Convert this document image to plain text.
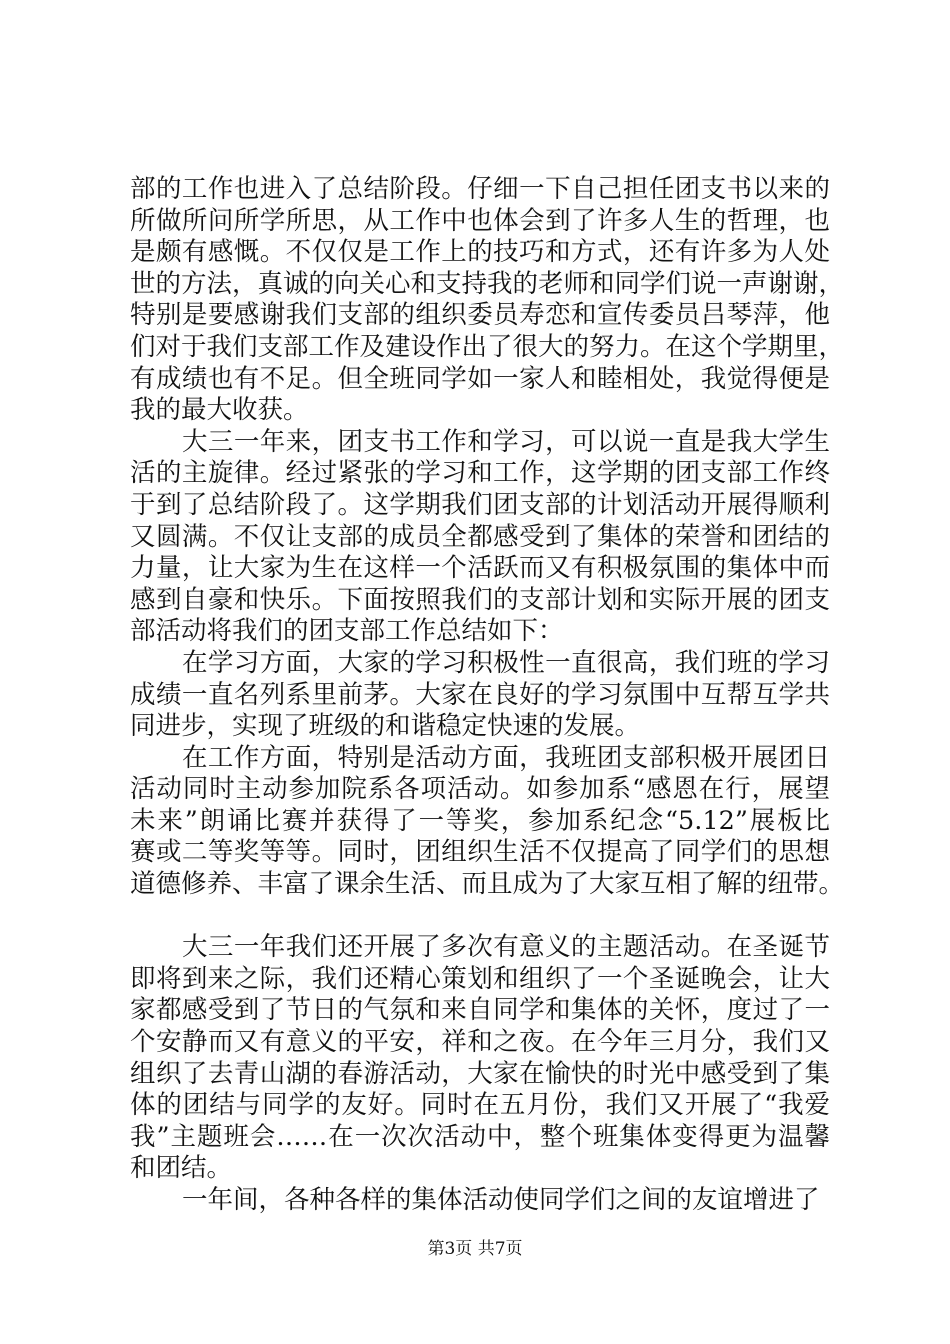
部的工作也进入了总结阶段。仔细一下自己担任团支书以来的
所做所问所学所思，从工作中也体会到了许多人生的哲理，也
是颇有感慨。不仅仅是工作上的技巧和方式，还有许多为人处
世的方法，真诚的向关心和支持我的老师和同学们说一声谢谢，
特别是要感谢我们支部的组织委员寿恋和宣传委员吕琴萍，他
们对于我们支部工作及建设作出了很大的努力。在这个学期里，
有成绩也有不足。但全班同学如一家人和睦相处，我觉得便是
我的最大收获。
大三一年来，团支书工作和学习，可以说一直是我大学生
活的主旋律。经过紧张的学习和工作，这学期的团支部工作终
于到了总结阶段了。这学期我们团支部的计划活动开展得顺利
又圆满。不仅让支部的成员全都感受到了集体的荣誉和团结的
力量，让大家为生在这样一个活跃而又有积极氛围的集体中而
感到自豪和快乐。下面按照我们的支部计划和实际开展的团支
部活动将我们的团支部工作总结如下：
在学习方面，大家的学习积极性一直很高，我们班的学习
成绩一直名列系里前茅。大家在良好的学习氛围中互帮互学共
同进步，实现了班级的和谐稳定快速的发展。
在工作方面，特别是活动方面，我班团支部积极开展团日
活动同时主动参加院系各项活动。如参加系“感恩在行，展望
未来”朗诵比赛并获得了一等奖，参加系纪念“5.12”展板比
赛或二等奖等等。同时，团组织生活不仅提高了同学们的思想
道德修养、丰富了课余生活、而且成为了大家互相了解的纽带。
大三一年我们还开展了多次有意义的主题活动。在圣诞节
即将到来之际，我们还精心策划和组织了一个圣诞晚会，让大
家都感受到了节日的气氛和来自同学和集体的关怀，度过了一
个安静而又有意义的平安，祥和之夜。在今年三月分，我们又
组织了去青山湖的春游活动，大家在愉快的时光中感受到了集
体的团结与同学的友好。同时在五月份，我们又开展了“我爱
我”主题班会……在一次次活动中，整个班集体变得更为温馨
和团结。
一年间，各种各样的集体活动使同学们之间的友谊增进了
第3页 共7页
